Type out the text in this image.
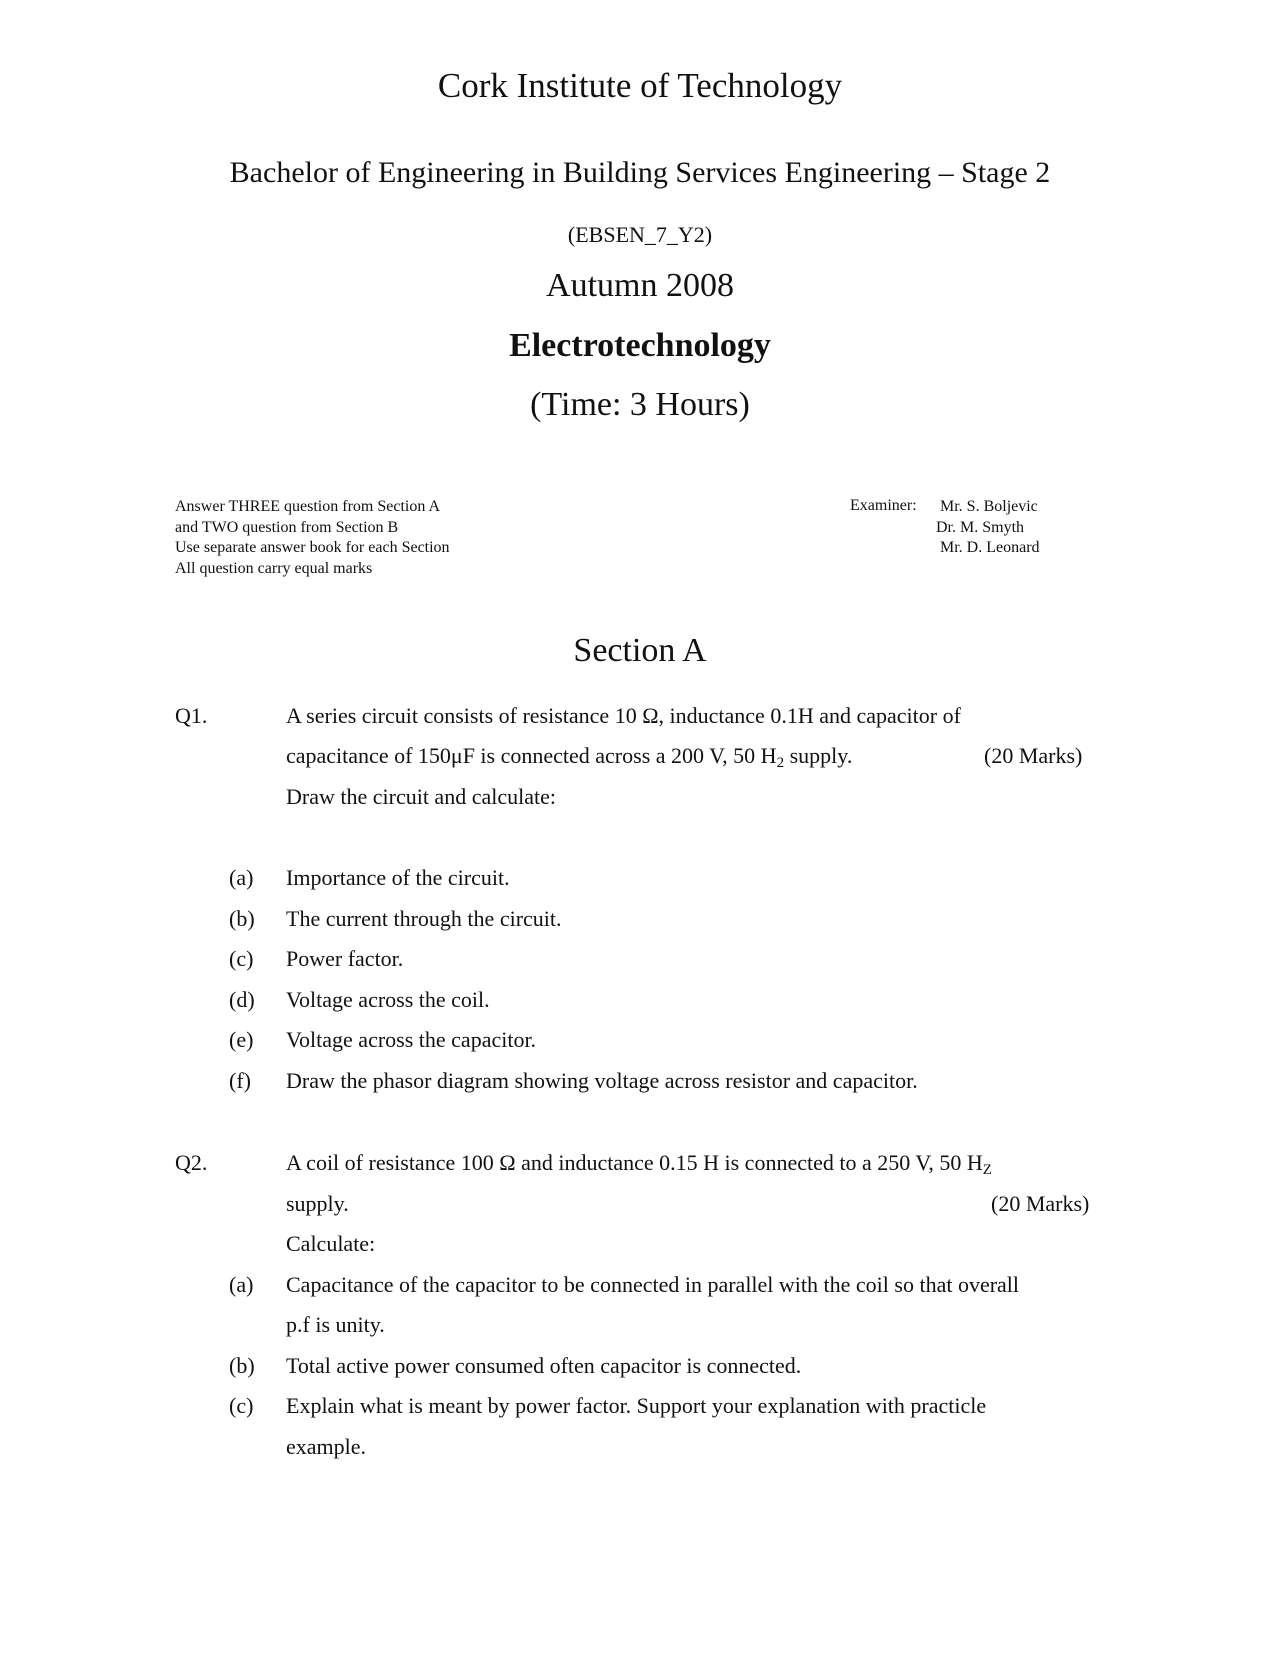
Cork Institute of Technology
Bachelor of Engineering in Building Services Engineering – Stage 2
(EBSEN_7_Y2)
Autumn 2008
Electrotechnology
(Time: 3 Hours)
Answer THREE question from Section A
and TWO question from Section B
Use separate answer book for each Section
All question carry equal marks
Examiner: Mr. S. Boljevic
Dr. M. Smyth
Mr. D. Leonard
Section A
Q1.	A series circuit consists of resistance 10 Ω, inductance 0.1H and capacitor of
capacitance of 150μF is connected across a 200 V, 50 $H_2$ supply.	(20 Marks)
Draw the circuit and calculate:
(a) Importance of the circuit.
(b) The current through the circuit.
(c) Power factor.
(d) Voltage across the coil.
(e) Voltage across the capacitor.
(f) Draw the phasor diagram showing voltage across resistor and capacitor.
Q2.	A coil of resistance 100 Ω and inductance 0.15 H is connected to a 250 V, 50 $H_Z$
supply.	(20 Marks)
Calculate:
(a) Capacitance of the capacitor to be connected in parallel with the coil so that overall
p.f is unity.
(b) Total active power consumed often capacitor is connected.
(c) Explain what is meant by power factor. Support your explanation with practicle
example.
